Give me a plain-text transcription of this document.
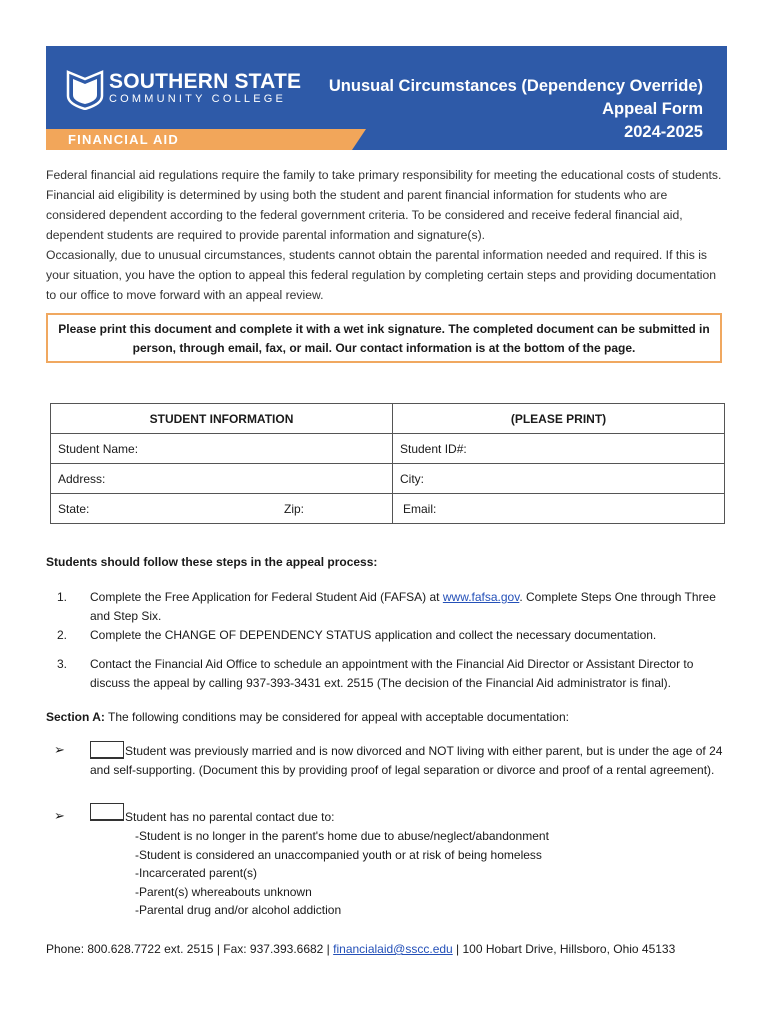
FINANCIAL AID
SOUTHERN STATE
COMMUNITY COLLEGE
Unusual Circumstances (Dependency Override)
Appeal Form
2024-2025

Federal financial aid regulations require the family to take primary responsibility for meeting the educational costs of students. Financial aid eligibility is determined by using both the student and parent financial information for students who are considered dependent according to the federal government criteria. To be considered and receive federal financial aid, dependent students are required to provide parental information and signature(s).

Occasionally, due to unusual circumstances, students cannot obtain the parental information needed and required. If this is your situation, you have the option to appeal this federal regulation by completing certain steps and providing documentation to our office to move forward with an appeal review.

Please print this document and complete it with a wet ink signature. The completed document can be submitted in person, through email, fax, or mail. Our contact information is at the bottom of the page.
STUDENT INFORMATION	(PLEASE PRINT)
Student Name:	Student ID#:
Address:	City:
State: Zip:	Email:
Students should follow these steps in the appeal process:
1. Complete the Free Application for Federal Student Aid (FAFSA) at www.fafsa.gov. Complete Steps One through Three and Step Six.
2. Complete the CHANGE OF DEPENDENCY STATUS application and collect the necessary documentation.
3. Contact the Financial Aid Office to schedule an appointment with the Financial Aid Director or Assistant Director to discuss the appeal by calling 937-393-3431 ext. 2515 (The decision of the Financial Aid administrator is final).
Section A: The following conditions may be considered for appeal with acceptable documentation:
➢	Student was previously married and is now divorced and NOT living with either parent, but is under the age of 24 and self-supporting. (Document this by providing proof of legal separation or divorce and proof of a rental agreement).
➢	Student has no parental contact due to:
-Student is no longer in the parent's home due to abuse/neglect/abandonment
-Student is considered an unaccompanied youth or at risk of being homeless
-Incarcerated parent(s)
-Parent(s) whereabouts unknown
-Parental drug and/or alcohol addiction
Phone: 800.628.7722 ext. 2515 | Fax: 937.393.6682 | financialaid@sscc.edu | 100 Hobart Drive, Hillsboro, Ohio 45133
